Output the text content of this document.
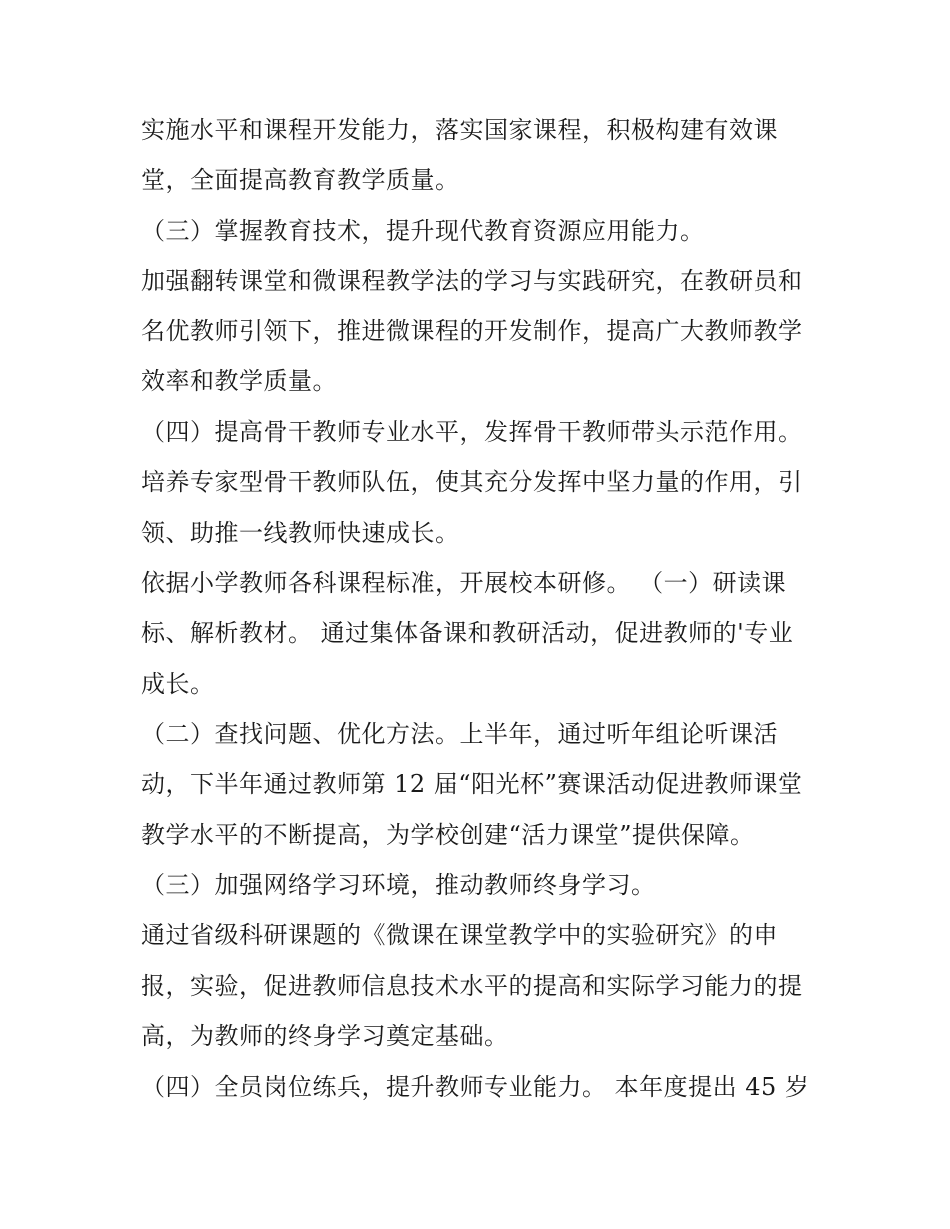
实施水平和课程开发能力，落实国家课程，积极构建有效课
堂，全面提高教育教学质量。
（三）掌握教育技术，提升现代教育资源应用能力。
加强翻转课堂和微课程教学法的学习与实践研究，在教研员和
名优教师引领下，推进微课程的开发制作，提高广大教师教学
效率和教学质量。
（四）提高骨干教师专业水平，发挥骨干教师带头示范作用。
培养专家型骨干教师队伍，使其充分发挥中坚力量的作用，引
领、助推一线教师快速成长。
依据小学教师各科课程标准，开展校本研修。 （一）研读课
标、解析教材。 通过集体备课和教研活动，促进教师的'专业
成长。
（二）查找问题、优化方法。上半年，通过听年组论听课活
动，下半年通过教师第 12 届“阳光杯”赛课活动促进教师课堂
教学水平的不断提高，为学校创建“活力课堂”提供保障。
（三）加强网络学习环境，推动教师终身学习。
通过省级科研课题的《微课在课堂教学中的实验研究》的申
报，实验，促进教师信息技术水平的提高和实际学习能力的提
高，为教师的终身学习奠定基础。
（四）全员岗位练兵，提升教师专业能力。 本年度提出 45 岁
